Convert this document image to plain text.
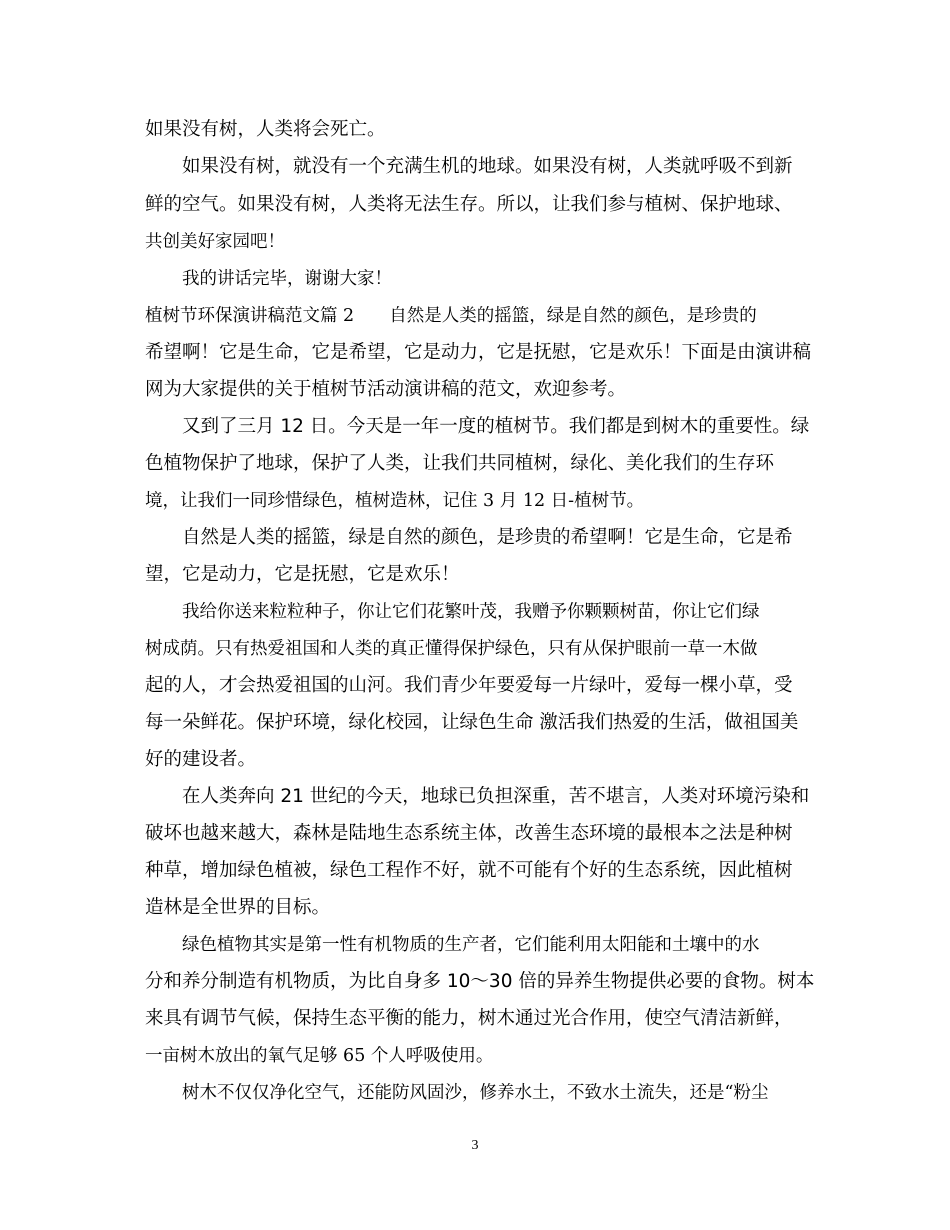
如果没有树，人类将会死亡。
如果没有树，就没有一个充满生机的地球。如果没有树，人类就呼吸不到新
鲜的空气。如果没有树，人类将无法生存。所以，让我们参与植树、保护地球、
共创美好家园吧！
我的讲话完毕，谢谢大家！
植树节环保演讲稿范文篇 2　　自然是人类的摇篮，绿是自然的颜色，是珍贵的
希望啊！它是生命，它是希望，它是动力，它是抚慰，它是欢乐！下面是由演讲稿
网为大家提供的关于植树节活动演讲稿的范文，欢迎参考。
又到了三月 12 日。今天是一年一度的植树节。我们都是到树木的重要性。绿
色植物保护了地球，保护了人类，让我们共同植树，绿化、美化我们的生存环
境，让我们一同珍惜绿色，植树造林，记住 3 月 12 日-植树节。
自然是人类的摇篮，绿是自然的颜色，是珍贵的希望啊！它是生命，它是希
望，它是动力，它是抚慰，它是欢乐！
我给你送来粒粒种子，你让它们花繁叶茂，我赠予你颗颗树苗，你让它们绿
树成荫。只有热爱祖国和人类的真正懂得保护绿色，只有从保护眼前一草一木做
起的人，才会热爱祖国的山河。我们青少年要爱每一片绿叶，爱每一棵小草，受
每一朵鲜花。保护环境，绿化校园，让绿色生命 激活我们热爱的生活，做祖国美
好的建设者。
在人类奔向 21 世纪的今天，地球已负担深重，苦不堪言，人类对环境污染和
破坏也越来越大，森林是陆地生态系统主体，改善生态环境的最根本之法是种树
种草，增加绿色植被，绿色工程作不好，就不可能有个好的生态系统，因此植树
造林是全世界的目标。
绿色植物其实是第一性有机物质的生产者，它们能利用太阳能和土壤中的水
分和养分制造有机物质，为比自身多 10～30 倍的异养生物提供必要的食物。树本
来具有调节气候，保持生态平衡的能力，树木通过光合作用，使空气清洁新鲜，
一亩树木放出的氧气足够 65 个人呼吸使用。
树木不仅仅净化空气，还能防风固沙，修养水土，不致水土流失，还是“粉尘
3
